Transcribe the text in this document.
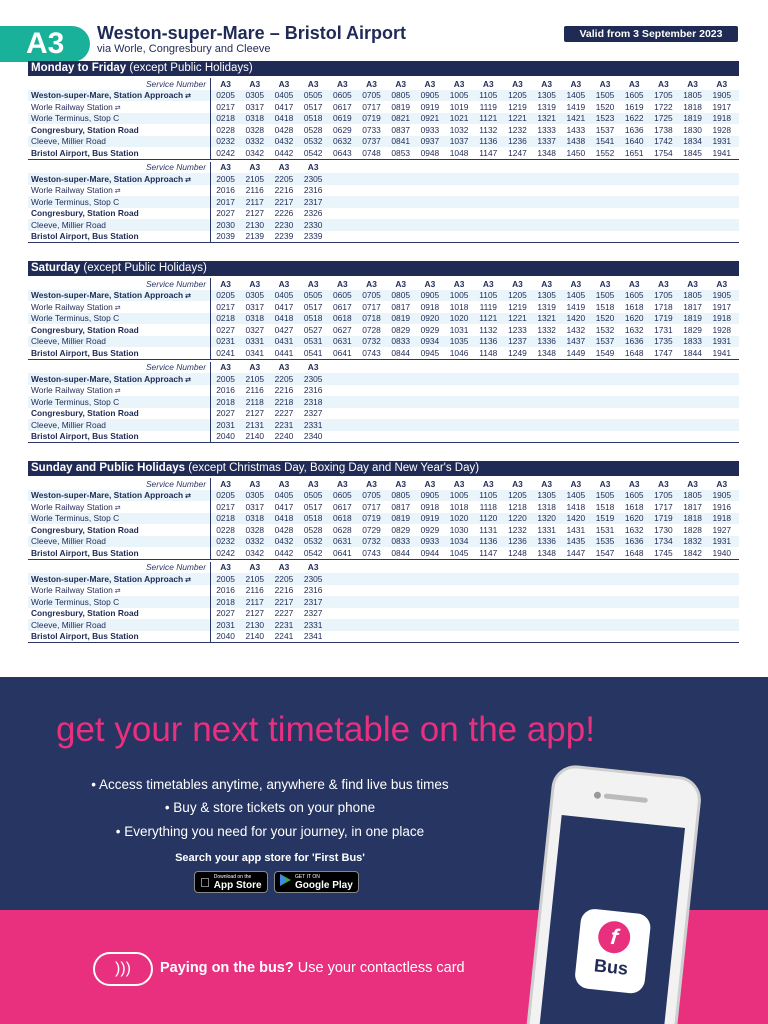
A3	Weston-super-Mare – Bristol Airport
via Worle, Congresbury and Cleeve
Valid from 3 September 2023
Monday to Friday (except Public Holidays)
Service Number	A3	A3	A3	A3	A3	A3	A3	A3	A3	A3	A3	A3	A3	A3	A3	A3	A3	A3
Weston-super-Mare, Station Approach ⇄	0205	0305	0405	0505	0605	0705	0805	0905	1005	1105	1205	1305	1405	1505	1605	1705	1805	1905
Worle Railway Station ⇄	0217	0317	0417	0517	0617	0717	0819	0919	1019	1119	1219	1319	1419	1520	1619	1722	1818	1917
Worle Terminus, Stop C	0218	0318	0418	0518	0619	0719	0821	0921	1021	1121	1221	1321	1421	1523	1622	1725	1819	1918
Congresbury, Station Road	0228	0328	0428	0528	0629	0733	0837	0933	1032	1132	1232	1333	1433	1537	1636	1738	1830	1928
Cleeve, Millier Road	0232	0332	0432	0532	0632	0737	0841	0937	1037	1136	1236	1337	1438	1541	1640	1742	1834	1931
Bristol Airport, Bus Station	0242	0342	0442	0542	0643	0748	0853	0948	1048	1147	1247	1348	1450	1552	1651	1754	1845	1941
Service Number	A3	A3	A3	A3
Weston-super-Mare, Station Approach ⇄	2005	2105	2205	2305
Worle Railway Station ⇄	2016	2116	2216	2316
Worle Terminus, Stop C	2017	2117	2217	2317
Congresbury, Station Road	2027	2127	2226	2326
Cleeve, Millier Road	2030	2130	2230	2330
Bristol Airport, Bus Station	2039	2139	2239	2339
Saturday (except Public Holidays)
Service Number	A3	A3	A3	A3	A3	A3	A3	A3	A3	A3	A3	A3	A3	A3	A3	A3	A3	A3
Weston-super-Mare, Station Approach ⇄	0205	0305	0405	0505	0605	0705	0805	0905	1005	1105	1205	1305	1405	1505	1605	1705	1805	1905
Worle Railway Station ⇄	0217	0317	0417	0517	0617	0717	0817	0918	1018	1119	1219	1319	1419	1518	1618	1718	1817	1917
Worle Terminus, Stop C	0218	0318	0418	0518	0618	0718	0819	0920	1020	1121	1221	1321	1420	1520	1620	1719	1819	1918
Congresbury, Station Road	0227	0327	0427	0527	0627	0728	0829	0929	1031	1132	1233	1332	1432	1532	1632	1731	1829	1928
Cleeve, Millier Road	0231	0331	0431	0531	0631	0732	0833	0934	1035	1136	1237	1336	1437	1537	1636	1735	1833	1931
Bristol Airport, Bus Station	0241	0341	0441	0541	0641	0743	0844	0945	1046	1148	1249	1348	1449	1549	1648	1747	1844	1941
Service Number	A3	A3	A3	A3
Weston-super-Mare, Station Approach ⇄	2005	2105	2205	2305
Worle Railway Station ⇄	2016	2116	2216	2316
Worle Terminus, Stop C	2018	2118	2218	2318
Congresbury, Station Road	2027	2127	2227	2327
Cleeve, Millier Road	2031	2131	2231	2331
Bristol Airport, Bus Station	2040	2140	2240	2340
Sunday and Public Holidays (except Christmas Day, Boxing Day and New Year's Day)
Service Number	A3	A3	A3	A3	A3	A3	A3	A3	A3	A3	A3	A3	A3	A3	A3	A3	A3	A3
Weston-super-Mare, Station Approach ⇄	0205	0305	0405	0505	0605	0705	0805	0905	1005	1105	1205	1305	1405	1505	1605	1705	1805	1905
Worle Railway Station ⇄	0217	0317	0417	0517	0617	0717	0817	0918	1018	1118	1218	1318	1418	1518	1618	1717	1817	1916
Worle Terminus, Stop C	0218	0318	0418	0518	0618	0719	0819	0919	1020	1120	1220	1320	1420	1519	1620	1719	1818	1918
Congresbury, Station Road	0228	0328	0428	0528	0628	0729	0829	0929	1030	1131	1232	1331	1431	1531	1632	1730	1828	1927
Cleeve, Millier Road	0232	0332	0432	0532	0631	0732	0833	0933	1034	1136	1236	1336	1435	1535	1636	1734	1832	1931
Bristol Airport, Bus Station	0242	0342	0442	0542	0641	0743	0844	0944	1045	1147	1248	1348	1447	1547	1648	1745	1842	1940
Service Number	A3	A3	A3	A3
Weston-super-Mare, Station Approach ⇄	2005	2105	2205	2305
Worle Railway Station ⇄	2016	2116	2216	2316
Worle Terminus, Stop C	2018	2117	2217	2317
Congresbury, Station Road	2027	2127	2227	2327
Cleeve, Millier Road	2031	2130	2231	2331
Bristol Airport, Bus Station	2040	2140	2241	2341
get your next timetable on the app!
• Access timetables anytime, anywhere & find live bus times
• Buy & store tickets on your phone
• Everything you need for your journey, in one place
Search your app store for 'First Bus'
Download on the
App Store
GET IT ON
Google Play
)))	Paying on the bus? Use your contactless card
f
Bus
